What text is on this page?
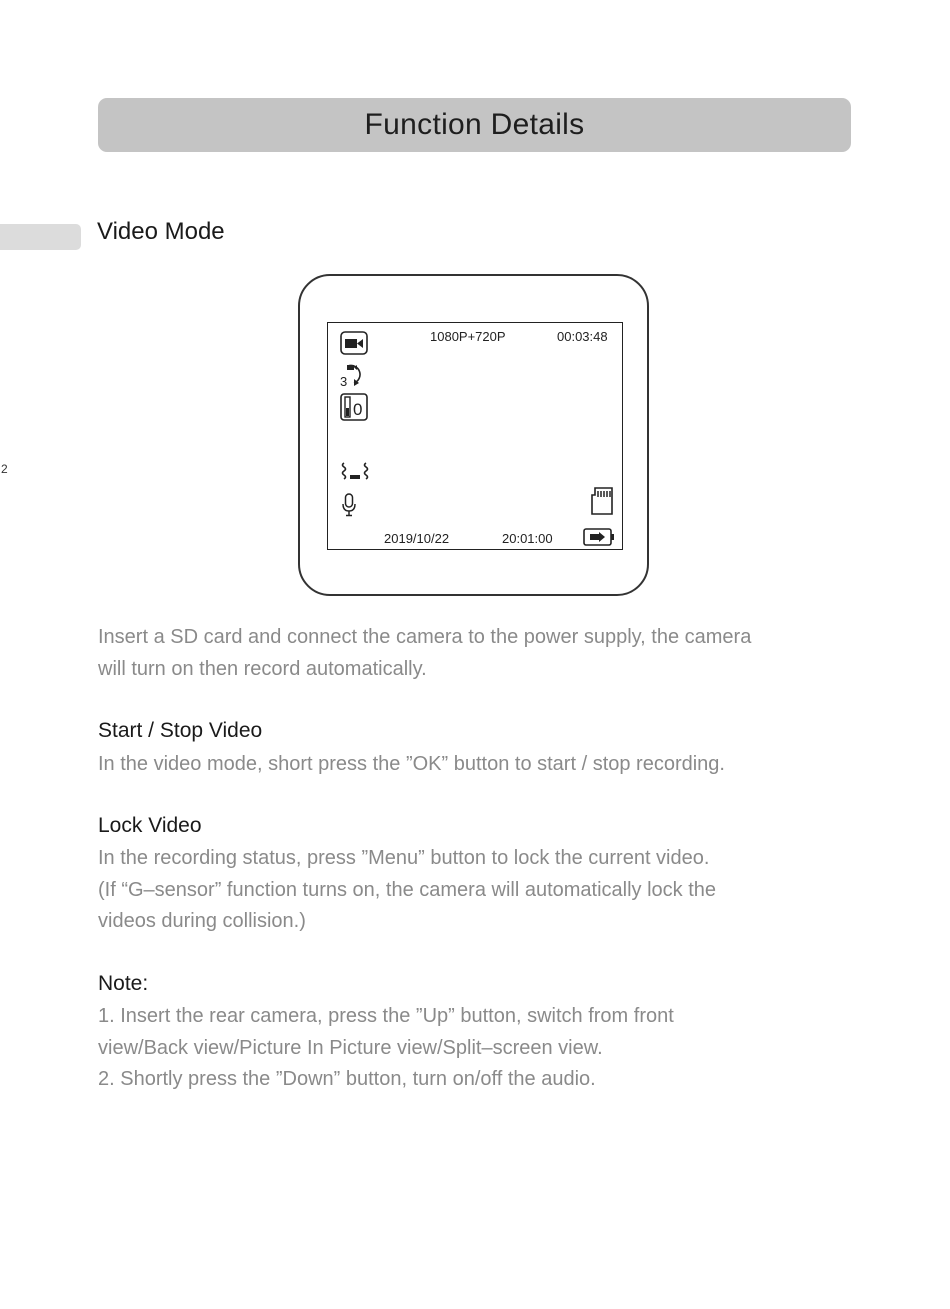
Function Details
2
Video Mode
3
0
1080P+720P	00:03:48
2019/10/22	20:01:00
Insert a SD card and connect the camera to the power supply, the camera
will turn on then record automatically.
Start / Stop Video
In the video mode, short press the ”OK” button to start / stop recording.
Lock Video
In the recording status, press ”Menu” button to lock the current video.
(If “G–sensor” function turns on, the camera will automatically lock the
videos during collision.)
Note:
1. Insert the rear camera, press the ”Up” button, switch from front
view/Back view/Picture In Picture view/Split–screen view.
2. Shortly press the ”Down” button, turn on/off the audio.
